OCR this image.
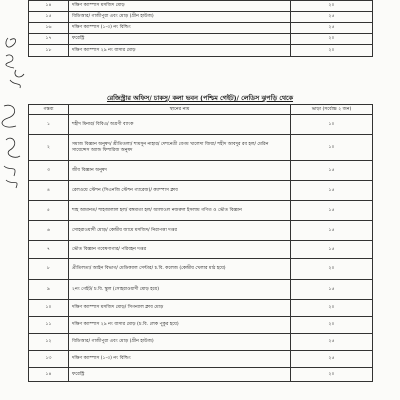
১৪	দক্ষিণ ক্যাম্পাস মসজিদ মোড়	২০
১৫	বিডিআর/ গাজীপুরা এবং মোড় (গ্রীন হাউজ)	২৫
১৬	দক্ষিণ ক্যাম্পাস (১-৩) নং বিল্ডিং	২৫
১৭	ফরেস্ট্রি	২০
১৮	দক্ষিণ ক্যাম্পাস ২৯ নং বাসার মোড়	২০
রেজিস্ট্রার অফিস/ চাকসু/ কলা ভবন (পশ্চিম গেইট)/ লেডিস ঝুপড়ি থেকে
গন্তব্য	স্থানের নাম	ভাড়া (সর্বোচ্চ ২ জন)
১	শহীদ মিনার/ বিবিএ/ অগ্রণী ব্যাংক	১০
২	সমাজ বিজ্ঞান অনুষদ/ শ্রীতিতলা/ শামসুন নাহার/ দেশনেত্রী বেগম খালেদা জিয়া/ শহীদ আবদুর রব হল/ মেরিন সায়েন্সেস অ্যান্ড ফিশারিজ অনুষদ	১০
৩	জীব বিজ্ঞান অনুষদ	১৫
৪	রেলওয়ে স্টেশন (সিএনজি স্টেশন গ্যারেজ)/ ক্যাম্পাস ক্লাব	১৫
৫	শাহ আমানত/ শাহজালাল হল/ বঙ্গমাতা হল/ আলাওল নজরুল ইসলাম গণিত ও ভৌত বিজ্ঞান	১৫
৬	সোহরাওয়ার্দী মোড়/ কেন্দ্রীয় জামে মসজিদ/ নিরাপত্তা দপ্তর	১৫
৭	ভৌত বিজ্ঞান গবেষণাগার/ পরিবহন দপ্তর	১৫
৮	প্রীতিলতা/ আইন বিভাগ/ মেডিক্যাল সেন্টার/ চ.বি. কলেজ (কেন্দ্রীয় খেলার মাঠ হয়ে)	২০
৯	২নং গেইট/ চ.বি. স্কুল (সোহরাওয়ার্দী মোড় হয়ে)	১৫
১০	দক্ষিণ ক্যাম্পাস মসজিদ মোড়/ সিগন্যাল ক্লাব মোড়	২০
১১	দক্ষিণ ক্যাম্পাস ২৯ নং বাসার মোড় (চ.বি. লেক পুকুর হয়ে)	২০
১২	বিডিআর/ গাজীপুরা এবং মোড় (গ্রীন হাউজ)	২৫
১৩	দক্ষিণ ক্যাম্পাস (১-৩) নং বিল্ডিং	২৫
১৪	ফরেস্ট্রি	২০
